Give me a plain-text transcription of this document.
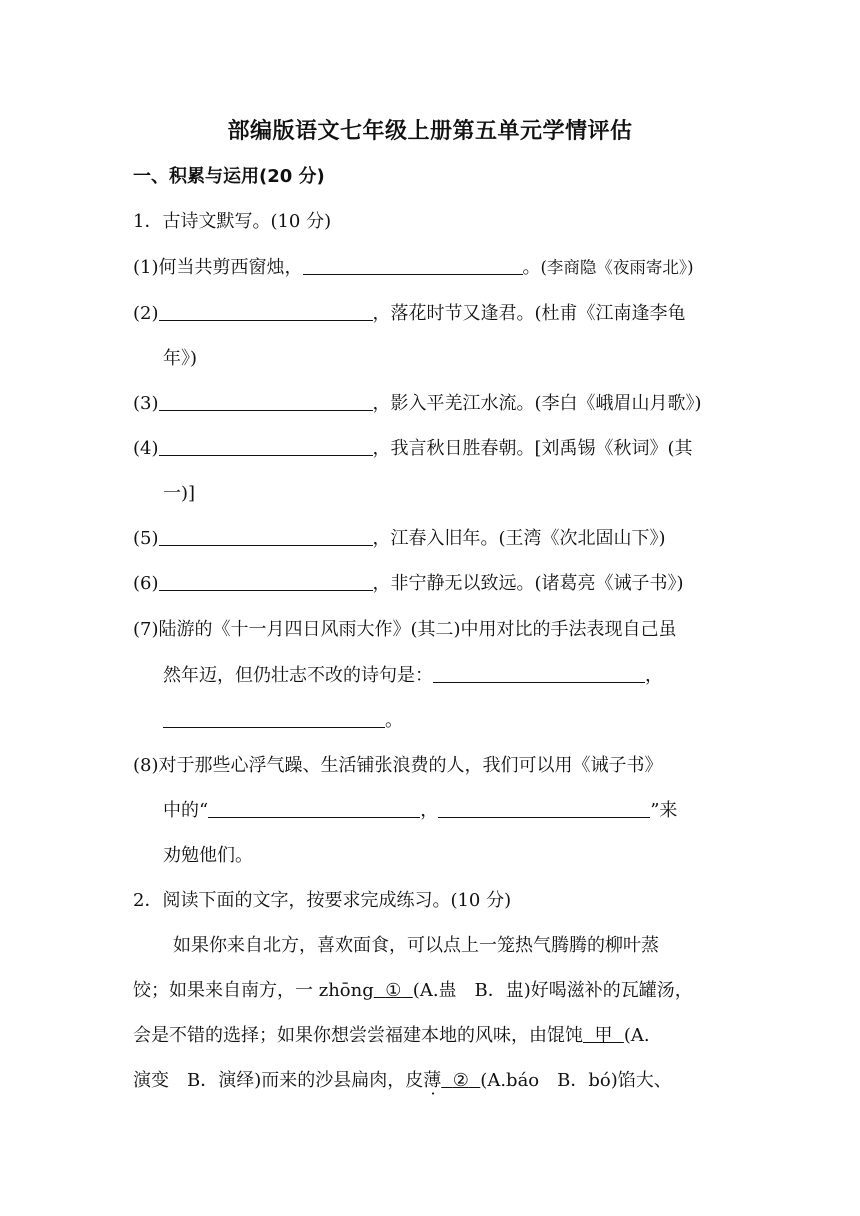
部编版语文七年级上册第五单元学情评估
一、积累与运用(20 分)
1．古诗文默写。(10 分)
(1)何当共剪西窗烛，	。(李商隐《夜雨寄北》)
(2)	，落花时节又逢君。(杜甫《江南逢李龟
年》)
(3)	，影入平羌江水流。(李白《峨眉山月歌》)
(4)	，我言秋日胜春朝。[刘禹锡《秋词》(其
一)]
(5)	，江春入旧年。(王湾《次北固山下》)
(6)	，非宁静无以致远。(诸葛亮《诫子书》)
(7)陆游的《十一月四日风雨大作》(其二)中用对比的手法表现自己虽
然年迈，但仍壮志不改的诗句是：	，
。
(8)对于那些心浮气躁、生活铺张浪费的人，我们可以用《诫子书》
中的“	，	”来
劝勉他们。
2．阅读下面的文字，按要求完成练习。(10 分)
如果你来自北方，喜欢面食，可以点上一笼热气腾腾的柳叶蒸
饺；如果来自南方，一 zhōng ① (A.蛊　B．盅)好喝滋补的瓦罐汤，
会是不错的选择；如果你想尝尝福建本地的风味，由馄饨 甲 (A.
演变　B．演绎)而来的沙县扁肉，皮薄 ② (A.báo　B．bó)馅大、
